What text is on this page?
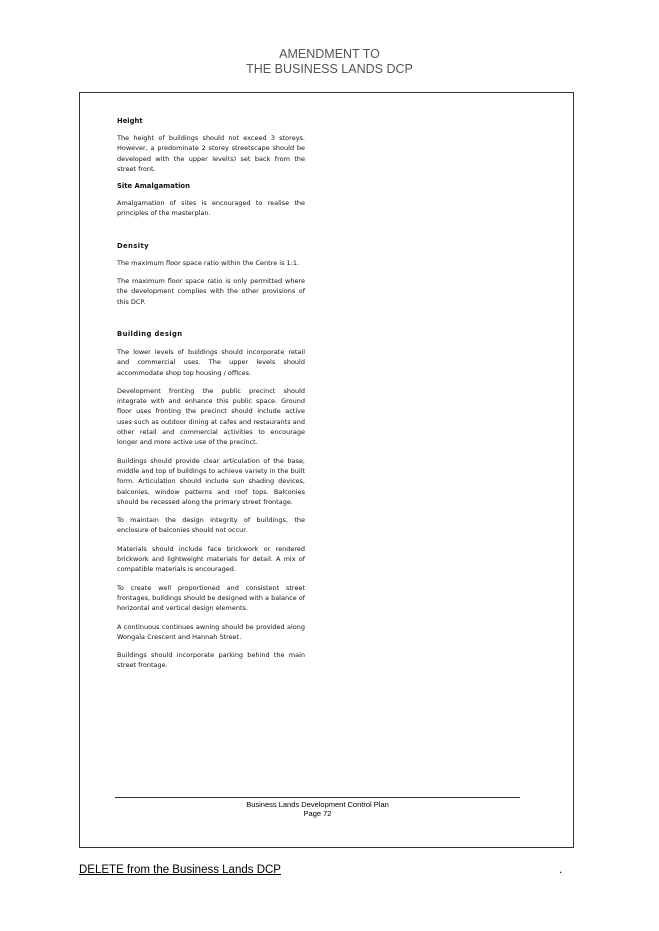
AMENDMENT TO
THE BUSINESS LANDS DCP
Height

The height of buildings should not exceed 3 storeys. However, a predominate 2 storey streetscape should be developed with the upper level(s) set back from the street front.

Site Amalgamation

Amalgamation of sites is encouraged to realise the principles of the masterplan.

Density

The maximum floor space ratio within the Centre is 1:1.

The maximum floor space ratio is only permitted where the development complies with the other provisions of this DCP.

Building design

The lower levels of buildings should incorporate retail and commercial uses. The upper levels should accommodate shop top housing / offices.

Development fronting the public precinct should integrate with and enhance this public space. Ground floor uses fronting the precinct should include active uses such as outdoor dining at cafes and restaurants and other retail and commercial activities to encourage longer and more active use of the precinct.

Buildings should provide clear articulation of the base, middle and top of buildings to achieve variety in the built form. Articulation should include sun shading devices, balconies, window patterns and roof tops. Balconies should be recessed along the primary street frontage.

To maintain the design integrity of buildings, the enclosure of balconies should not occur.

Materials should include face brickwork or rendered brickwork and lightweight materials for detail. A mix of compatible materials is encouraged.

To create well proportioned and consistent street frontages, buildings should be designed with a balance of horizontal and vertical design elements.

A continuous continues awning should be provided along Wongala Crescent and Hannah Street.

Buildings should incorporate parking behind the main street frontage.

Business Lands Development Control Plan
Page 72
DELETE from the Business Lands DCP	.
